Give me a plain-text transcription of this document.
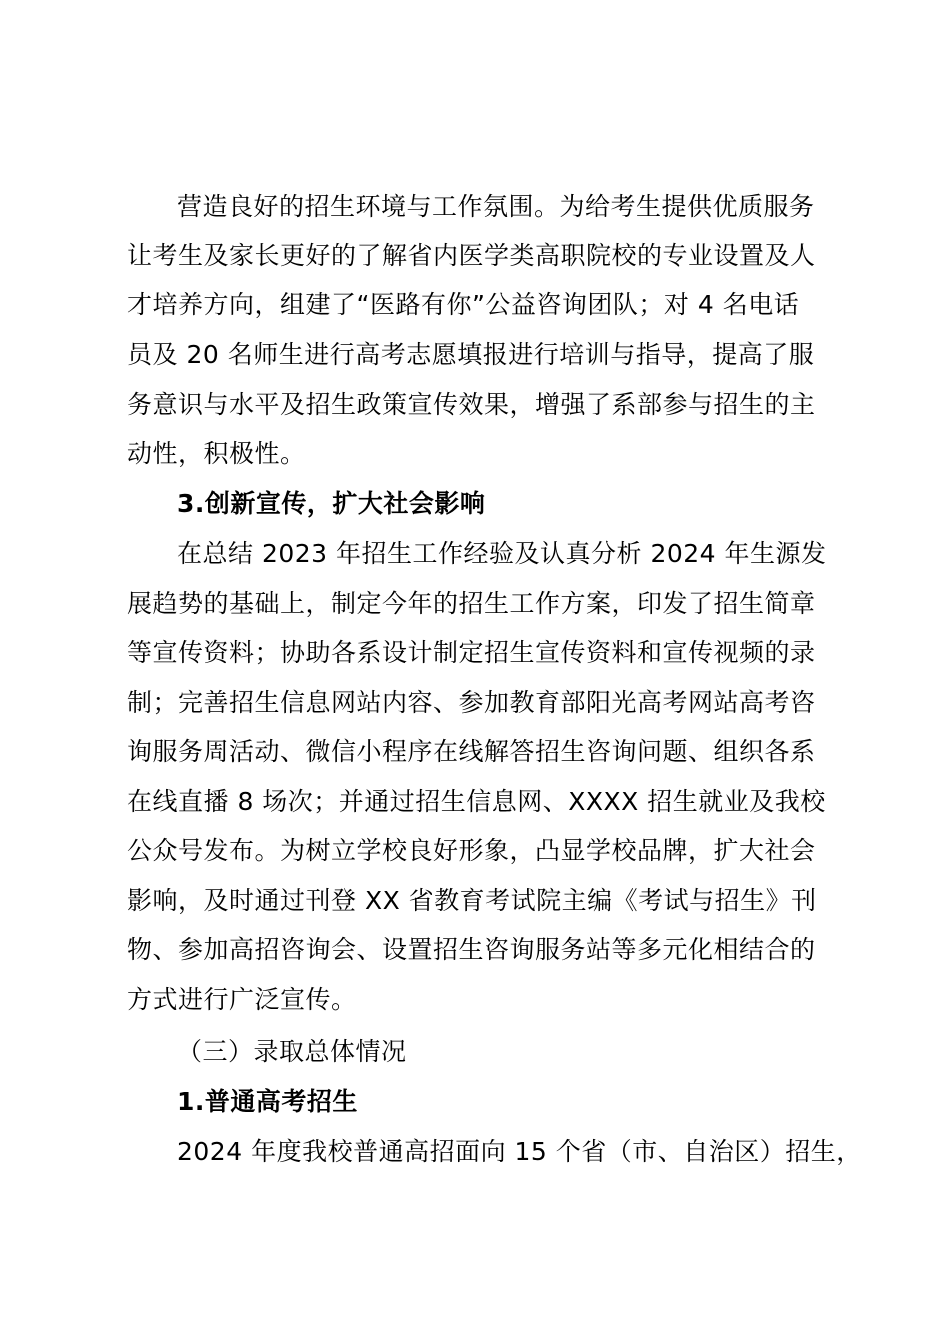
营造良好的招生环境与工作氛围。为给考生提供优质服务
让考生及家长更好的了解省内医学类高职院校的专业设置及人
才培养方向，组建了“医路有你”公益咨询团队；对 4 名电话
员及 20 名师生进行高考志愿填报进行培训与指导，提高了服
务意识与水平及招生政策宣传效果，增强了系部参与招生的主
动性，积极性。
3.创新宣传，扩大社会影响
在总结 2023 年招生工作经验及认真分析 2024 年生源发
展趋势的基础上，制定今年的招生工作方案，印发了招生简章
等宣传资料；协助各系设计制定招生宣传资料和宣传视频的录
制；完善招生信息网站内容、参加教育部阳光高考网站高考咨
询服务周活动、微信小程序在线解答招生咨询问题、组织各系
在线直播 8 场次；并通过招生信息网、XXXX 招生就业及我校
公众号发布。为树立学校良好形象，凸显学校品牌，扩大社会
影响，及时通过刊登 XX 省教育考试院主编《考试与招生》刊
物、参加高招咨询会、设置招生咨询服务站等多元化相结合的
方式进行广泛宣传。
（三）录取总体情况
1.普通高考招生
2024 年度我校普通高招面向 15 个省（市、自治区）招生，
